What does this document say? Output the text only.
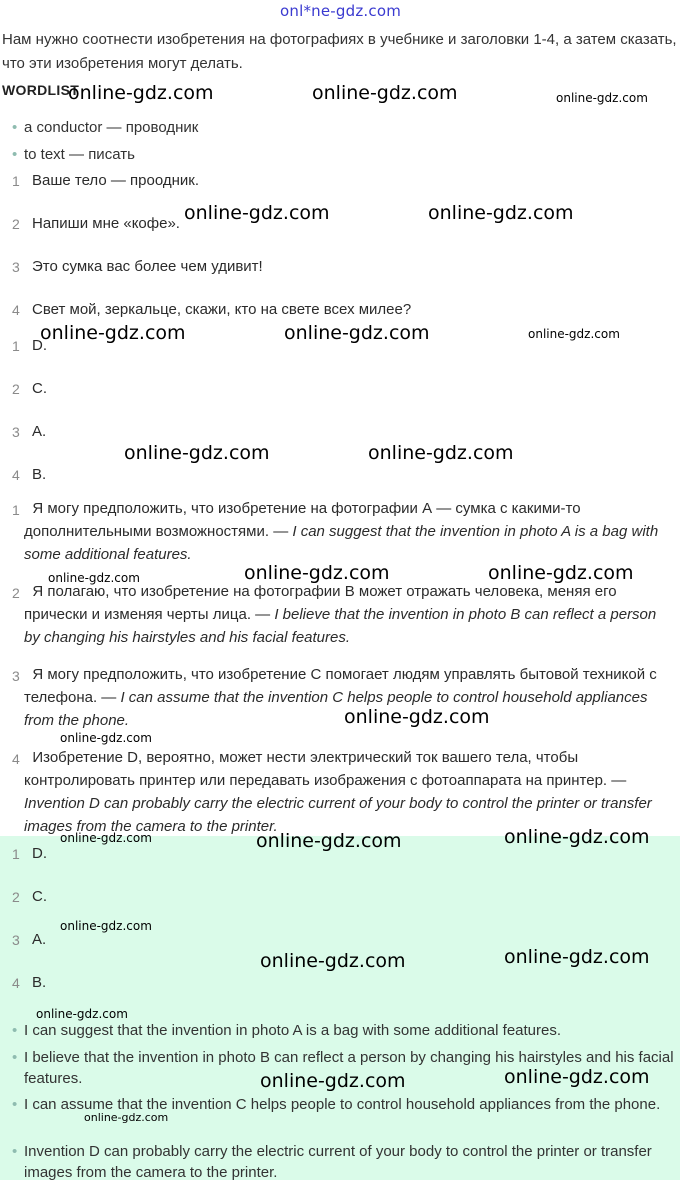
onl*ne-gdz.com
Нам нужно соотнести изобретения на фотографиях в учебнике и заголовки 1-4, а затем сказать, что эти изобретения могут делать.
WORDLIST
• a conductor — проводник
• to text — писать
1 Ваше тело — проодник.
2 Напиши мне «кофе».
3 Это сумка вас более чем удивит!
4 Свет мой, зеркальце, скажи, кто на свете всех милее?
1 D.
2 C.
3 A.
4 B.
1 Я могу предположить, что изобретение на фотографии А — сумка с какими-то дополнительными возможностями. — I can suggest that the invention in photo A is a bag with some additional features.
2 Я полагаю, что изобретение на фотографии В может отражать человека, меняя его прически и изменяя черты лица. — I believe that the invention in photo B can reflect a person by changing his hairstyles and his facial features.
3 Я могу предположить, что изобретение С помогает людям управлять бытовой техникой с телефона. — I can assume that the invention C helps people to control household appliances from the phone.
4 Изобретение D, вероятно, может нести электрический ток вашего тела, чтобы контролировать принтер или передавать изображения с фотоаппарата на принтер. — Invention D can probably carry the electric current of your body to control the printer or transfer images from the camera to the printer.
1 D.
2 C.
3 A.
4 B.
• I can suggest that the invention in photo A is a bag with some additional features.
• I believe that the invention in photo B can reflect a person by changing his hairstyles and his facial features.
• I can assume that the invention C helps people to control household appliances from the phone.
• Invention D can probably carry the electric current of your body to control the printer or transfer images from the camera to the printer.
online-gdz.com	online-gdz.com	online-gdz.com
online-gdz.com	online-gdz.com
online-gdz.com	online-gdz.com	online-gdz.com
online-gdz.com	online-gdz.com
online-gdz.com	online-gdz.com	online-gdz.com
online-gdz.com
online-gdz.com
online-gdz.com	online-gdz.com	online-gdz.com
online-gdz.com
online-gdz.com	online-gdz.com
online-gdz.com
online-gdz.com	online-gdz.com
online-gdz.com
